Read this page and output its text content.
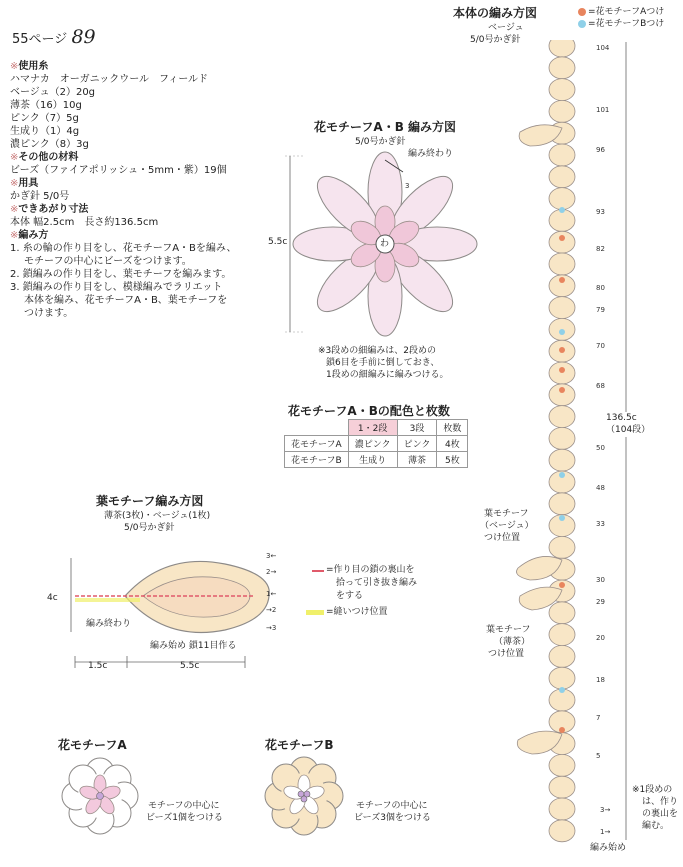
55ページ 89
※ 使用糸
ハマナカ　オーガニックウール　フィールド
ベージュ（2）20g
薄茶（16）10g
ピンク（7）5g
生成り（1）4g
濃ピンク（8）3g
※ その他の材料
ビーズ（ファイアポリッシュ・5mm・紫）19個
※ 用具
かぎ針 5/0号
※ できあがり寸法
本体 幅2.5cm　長さ約136.5cm
※ 編み方
1. 糸の輪の作り目をし、花モチーフA・Bを編み、
モチーフの中心にビーズをつけます。
2. 鎖編みの作り目をし、葉モチーフを編みます。
3. 鎖編みの作り目をし、模様編みでラリエット
本体を編み、花モチーフA・B、葉モチーフを
つけます。
花モチーフA・B 編み方図
5/0号かぎ針
編み終わり
5.5c	わ
3
※3段めの細編みは、2段めの
鎖6目を手前に倒しておき、
1段めの細編みに編みつける。
花モチーフA・Bの配色と枚数
	1・2段	3段	枚数
花モチーフA	濃ピンク	ピンク	4枚
花モチーフB	生成り	薄茶	5枚
葉モチーフ編み方図
薄茶(3枚)・ベージュ(1枚)
5/0号かぎ針
4c
編み終わり
編み始め 鎖11目作る
1.5c	5.5c
3←
2→
1←
→2
→3
=作り目の鎖の裏山を
拾って引き抜き編み
をする
=縫いつけ位置
花モチーフA
モチーフの中心に
ビーズ1個をつける
花モチーフB
モチーフの中心に
ビーズ3個をつける
本体の編み方図
ベージュ
5/0号かぎ針
=花モチーフAつけ
=花モチーフBつけ
104
101
96
93
82
80
79
70
68
50
48
33
30
29
20
18
7
5
3→
1→
136.5c
（104段）
葉モチーフ
（ベージュ）
つけ位置
葉モチーフ
（薄茶）
つけ位置
編み始め
※1段めの
は、作り
の裏山を
編む。
